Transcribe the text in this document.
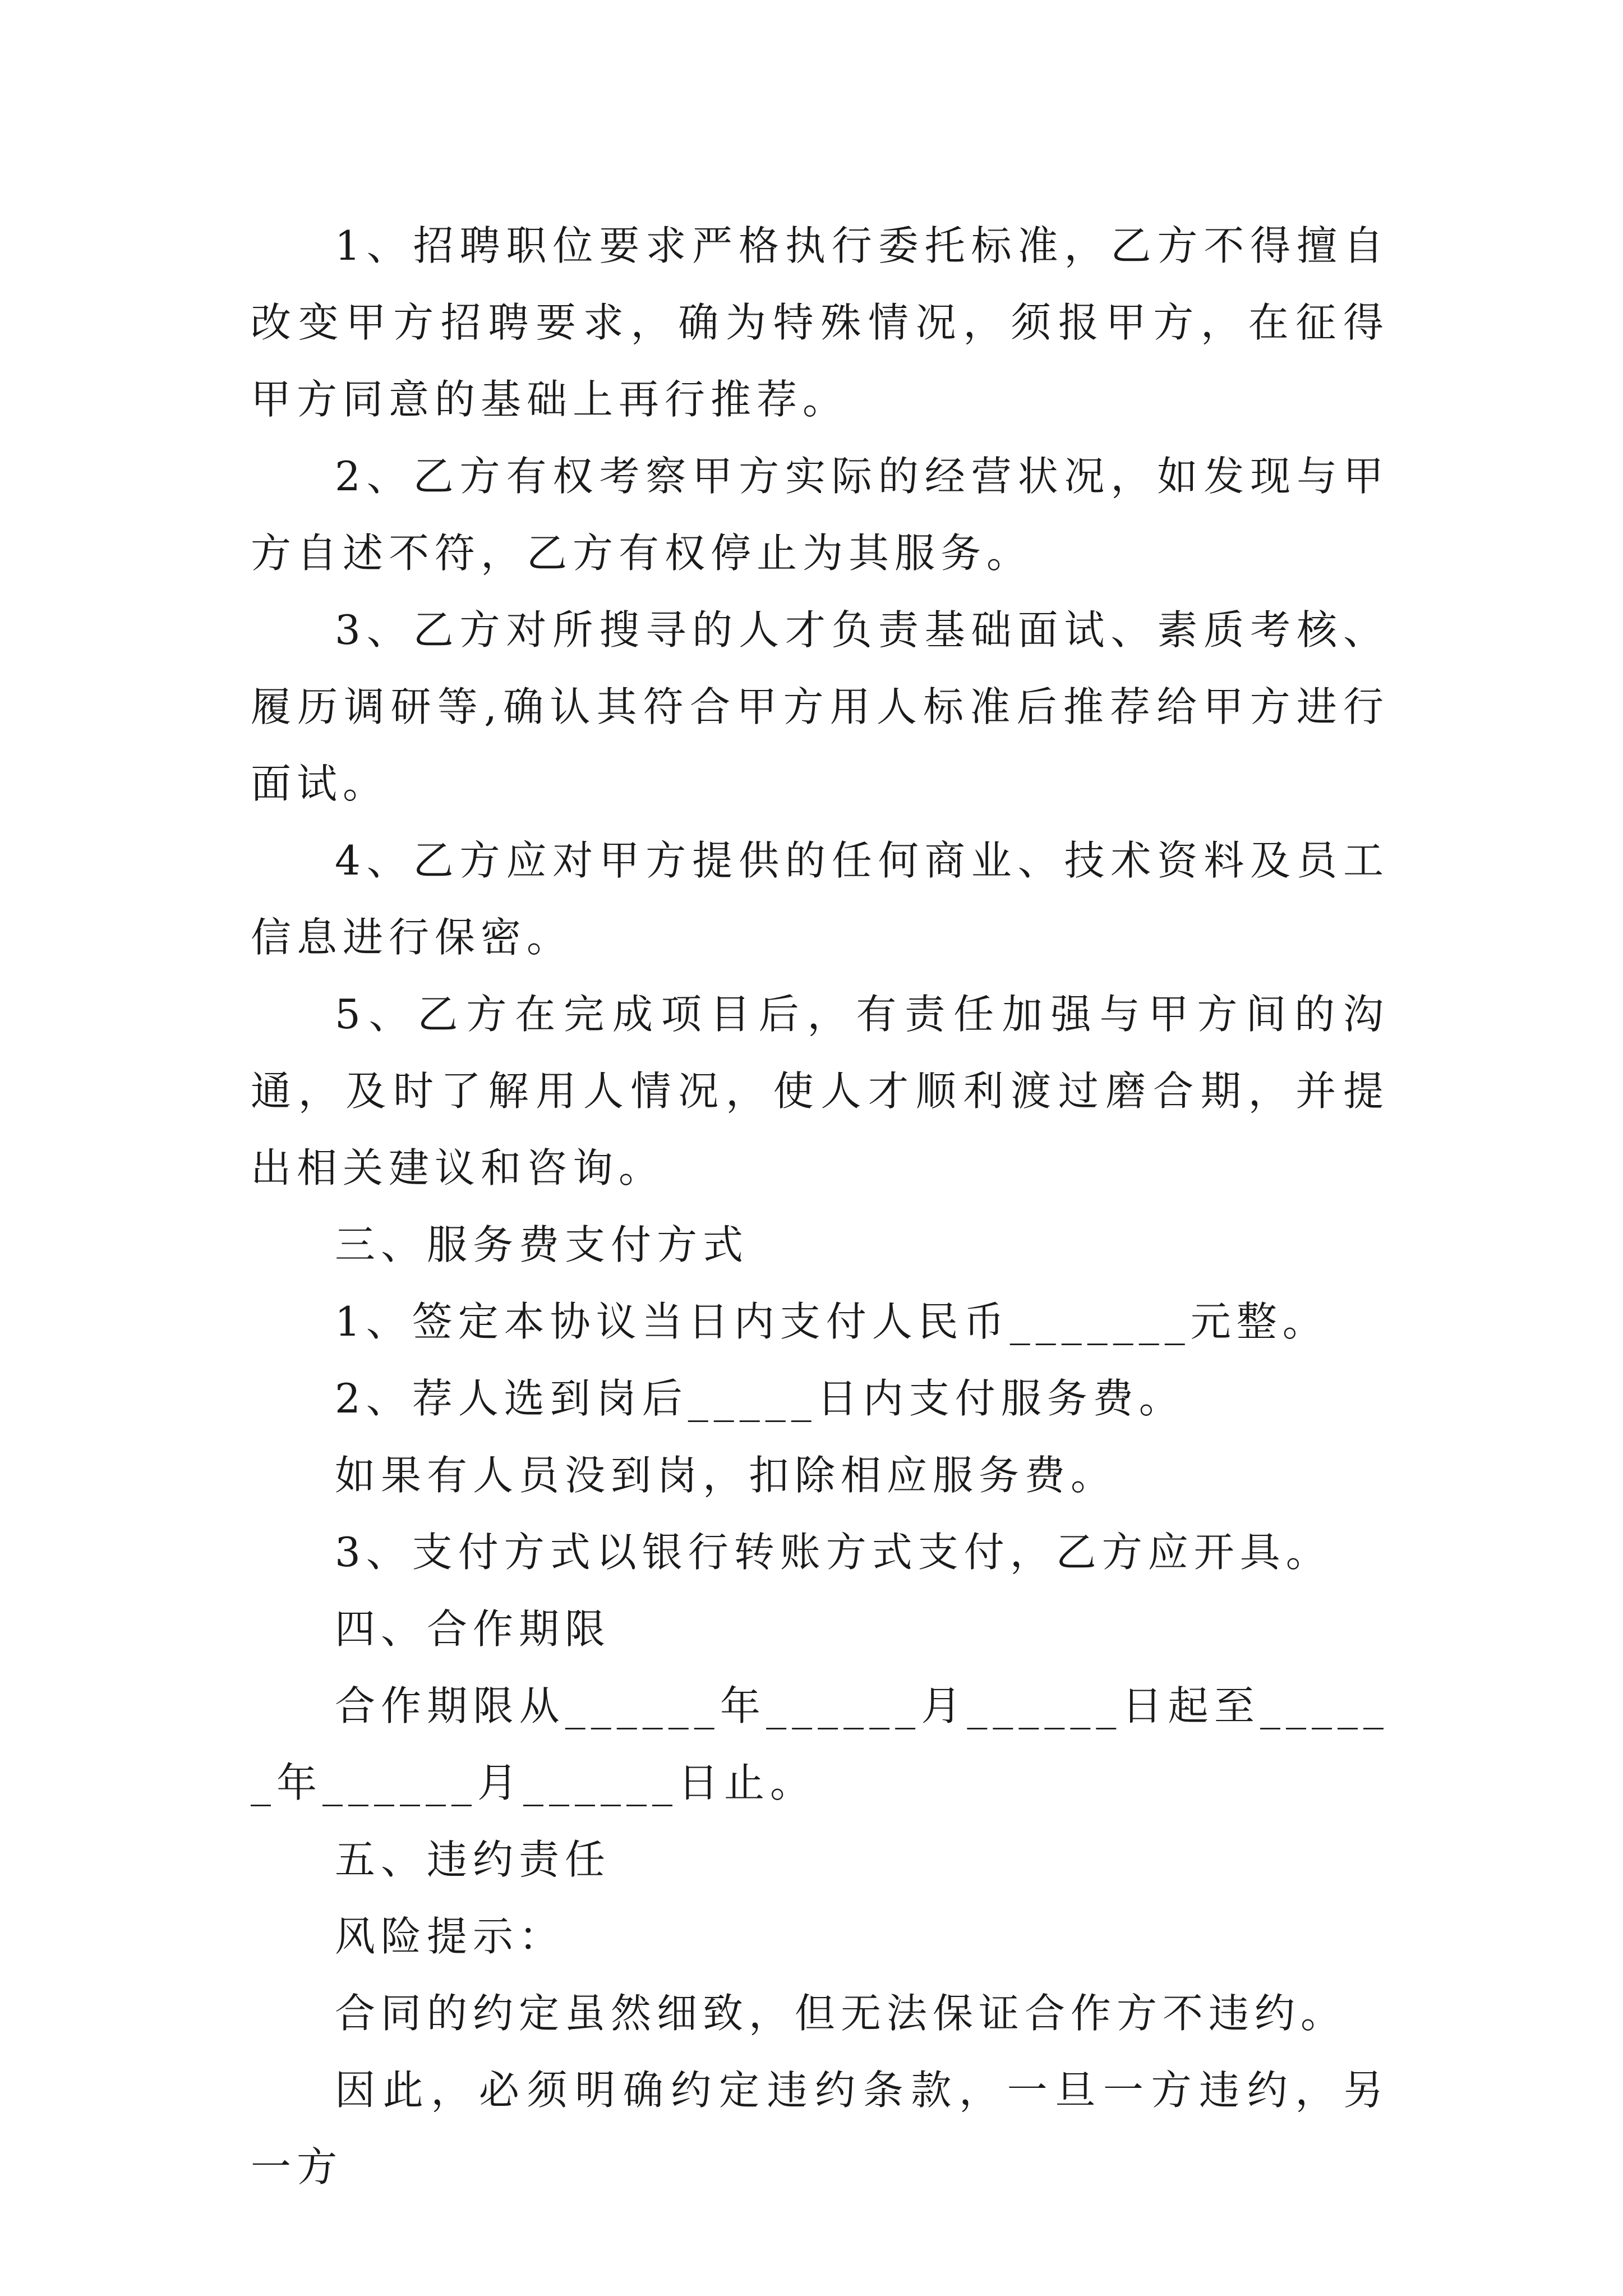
1、招聘职位要求严格执行委托标准，乙方不得擅自改变甲方招聘要求，确为特殊情况，须报甲方，在征得甲方同意的基础上再行推荐。

2、乙方有权考察甲方实际的经营状况，如发现与甲方自述不符，乙方有权停止为其服务。

3、乙方对所搜寻的人才负责基础面试、素质考核、履历调研等,确认其符合甲方用人标准后推荐给甲方进行面试。

4、乙方应对甲方提供的任何商业、技术资料及员工信息进行保密。

5、乙方在完成项目后，有责任加强与甲方间的沟通，及时了解用人情况，使人才顺利渡过磨合期，并提出相关建议和咨询。

三、服务费支付方式

1、签定本协议当日内支付人民币_______元整。

2、荐人选到岗后_____日内支付服务费。

如果有人员没到岗，扣除相应服务费。

3、支付方式以银行转账方式支付，乙方应开具。

四、合作期限

合作期限从______年______月______日起至______年______月______日止。

五、违约责任

风险提示：

合同的约定虽然细致，但无法保证合作方不违约。

因此，必须明确约定违约条款，一旦一方违约，另一方
